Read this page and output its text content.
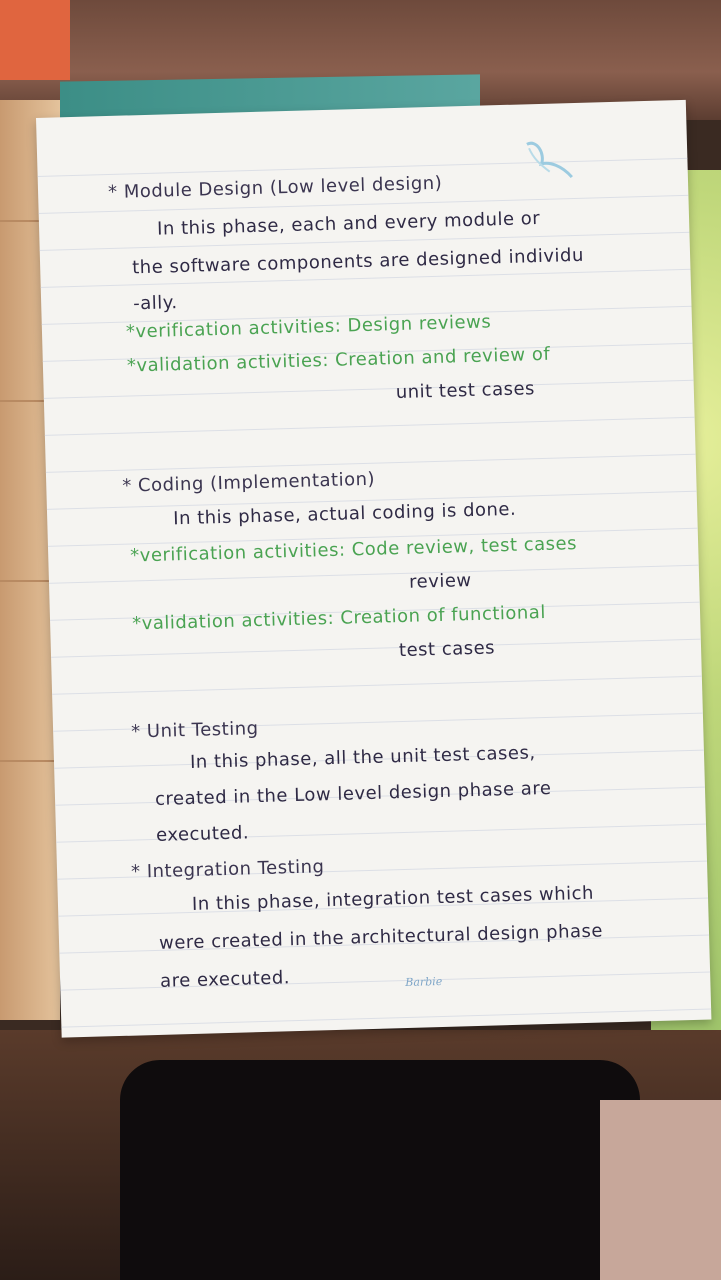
* Module Design (Low level design)
In this phase, each and every module or
the software components are designed individu
-ally.
*verification activities: Design reviews
*validation activities: Creation and review of
unit test cases
* Coding (Implementation)
In this phase, actual coding is done.
*verification activities: Code review, test cases
review
*validation activities: Creation of functional
test cases
* Unit Testing
In this phase, all the unit test cases,
created in the Low level design phase are
executed.
* Integration Testing
In this phase, integration test cases which
were created in the architectural design phase
are executed.	Barbie
